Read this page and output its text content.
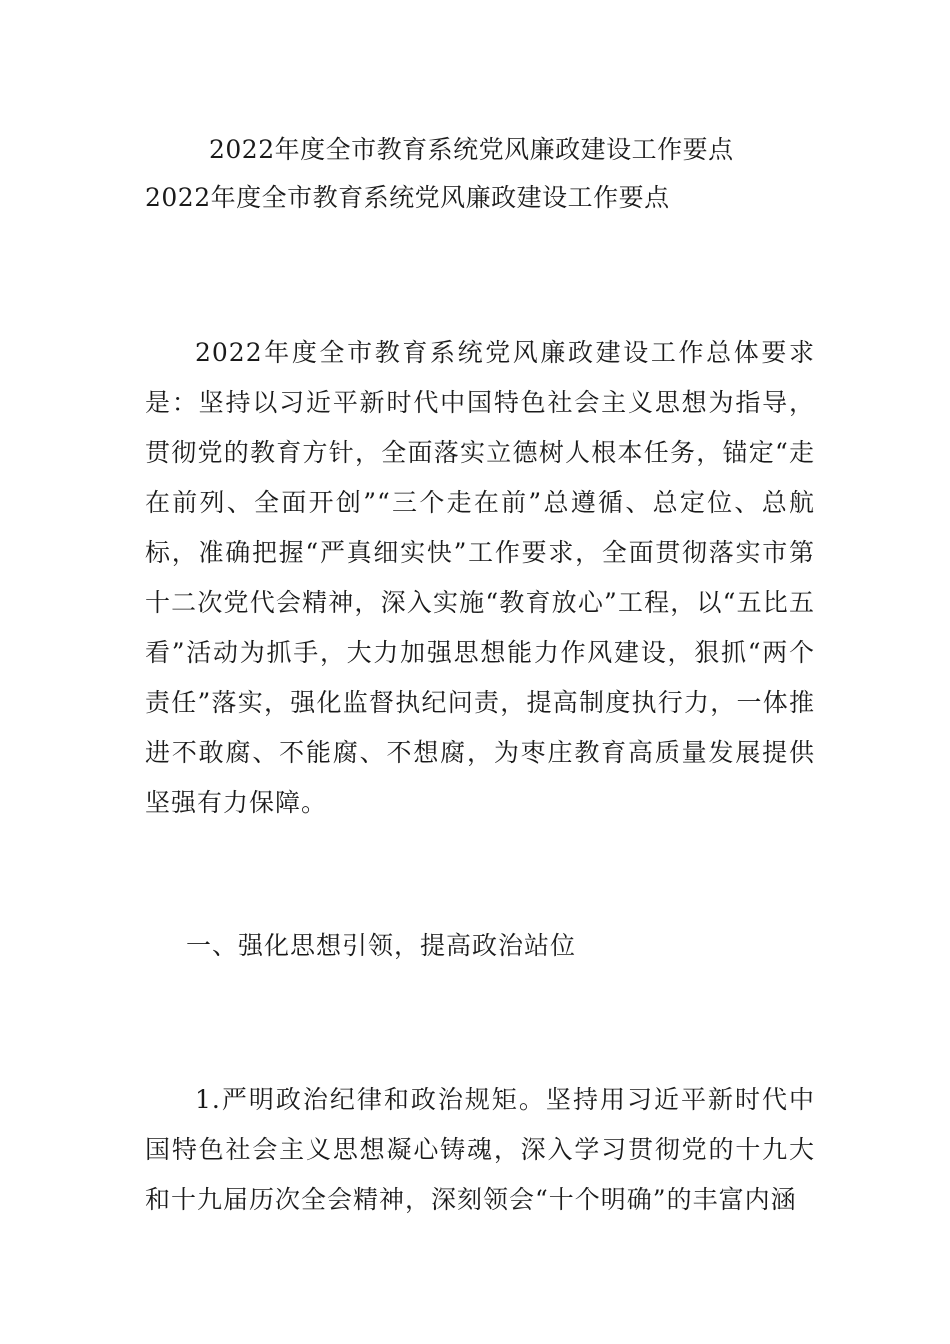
2022年度全市教育系统党风廉政建设工作要点
2022年度全市教育系统党风廉政建设工作要点

2022年度全市教育系统党风廉政建设工作总体要求是：坚持以习近平新时代中国特色社会主义思想为指导，贯彻党的教育方针，全面落实立德树人根本任务，锚定“走在前列、全面开创”“三个走在前”总遵循、总定位、总航标，准确把握“严真细实快”工作要求，全面贯彻落实市第十二次党代会精神，深入实施“教育放心”工程，以“五比五看”活动为抓手，大力加强思想能力作风建设，狠抓“两个责任”落实，强化监督执纪问责，提高制度执行力，一体推进不敢腐、不能腐、不想腐，为枣庄教育高质量发展提供坚强有力保障。

一、强化思想引领，提高政治站位

1.严明政治纪律和政治规矩。坚持用习近平新时代中国特色社会主义思想凝心铸魂，深入学习贯彻党的十九大和十九届历次全会精神，深刻领会“十个明确”的丰富内涵
